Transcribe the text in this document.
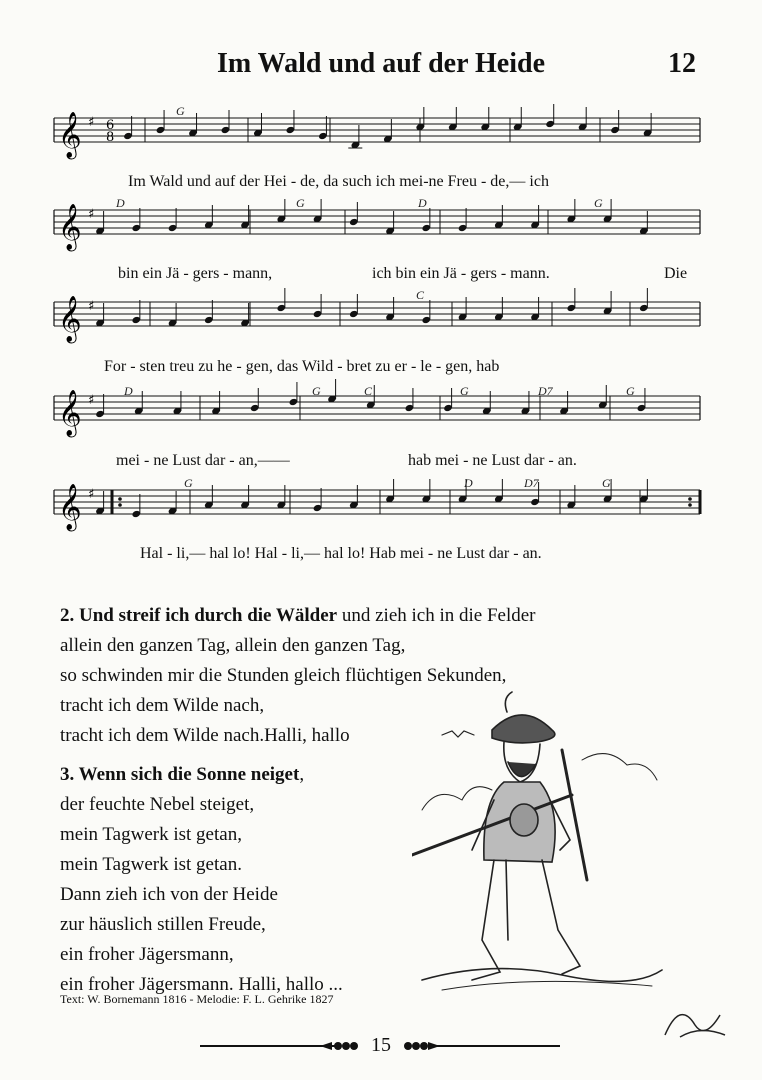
Im Wald und auf der Heide	12
𝄞 ♯ 6
8
𝄞 ♯
𝄞 ♯
𝄞 ♯
𝄞 ♯
G
D	G	D	G
C
D	G	C	G	D7	G
G	D	D7	G
Im Wald und auf der Hei - de, da such ich mei-ne Freu - de,— ich
bin ein Jä - gers - mann,	ich bin ein Jä - gers - mann.	Die
For - sten treu zu he - gen, das Wild - bret zu er - le - gen, hab
mei - ne Lust dar - an,——	hab mei - ne Lust dar - an.
Hal - li,— hal lo! Hal - li,— hal lo! Hab mei - ne Lust dar - an.
2. Und streif ich durch die Wälder und zieh ich in die Felder
allein den ganzen Tag, allein den ganzen Tag,
so schwinden mir die Stunden gleich flüchtigen Sekunden,
tracht ich dem Wilde nach,
tracht ich dem Wilde nach.Halli, hallo
3. Wenn sich die Sonne neiget,
der feuchte Nebel steiget,
mein Tagwerk ist getan,
mein Tagwerk ist getan.
Dann zieh ich von der Heide
zur häuslich stillen Freude,
ein froher Jägersmann,
ein froher Jägersmann. Halli, hallo ...
Text: W. Bornemann 1816 - Melodie: F. L. Gehrike 1827
15
